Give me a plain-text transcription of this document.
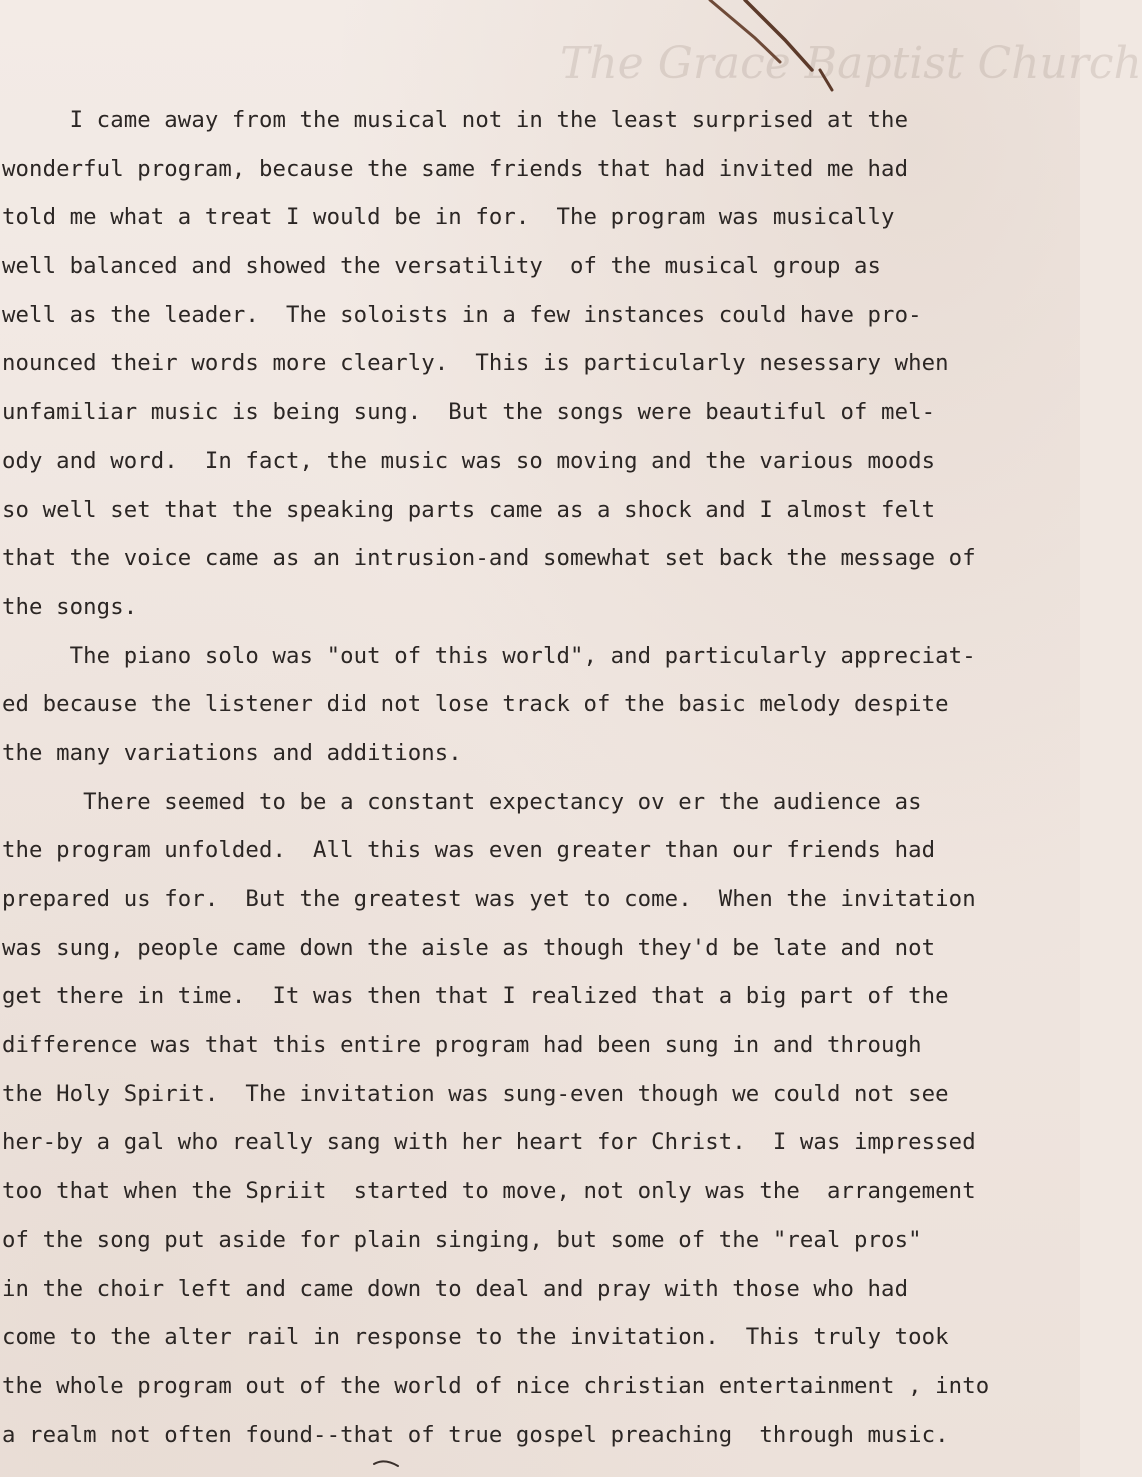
The Grace Baptist Church
I came away from the musical not in the least surprised at the
wonderful program, because the same friends that had invited me had
told me what a treat I would be in for.  The program was musically
well balanced and showed the versatility  of the musical group as
well as the leader.  The soloists in a few instances could have pro-
nounced their words more clearly.  This is particularly nesessary when
unfamiliar music is being sung.  But the songs were beautiful of mel-
ody and word.  In fact, the music was so moving and the various moods
so well set that the speaking parts came as a shock and I almost felt
that the voice came as an intrusion-and somewhat set back the message of
the songs.
The piano solo was "out of this world", and particularly appreciat-
ed because the listener did not lose track of the basic melody despite
the many variations and additions.
There seemed to be a constant expectancy ov er the audience as
the program unfolded.  All this was even greater than our friends had
prepared us for.  But the greatest was yet to come.  When the invitation
was sung, people came down the aisle as though they'd be late and not
get there in time.  It was then that I realized that a big part of the
difference was that this entire program had been sung in and through
the Holy Spirit.  The invitation was sung-even though we could not see
her-by a gal who really sang with her heart for Christ.  I was impressed
too that when the Spriit  started to move, not only was the  arrangement
of the song put aside for plain singing, but some of the "real pros"
in the choir left and came down to deal and pray with those who had
come to the alter rail in response to the invitation.  This truly took
the whole program out of the world of nice christian entertainment , into
a realm not often found--that of true gospel preaching  through music.
